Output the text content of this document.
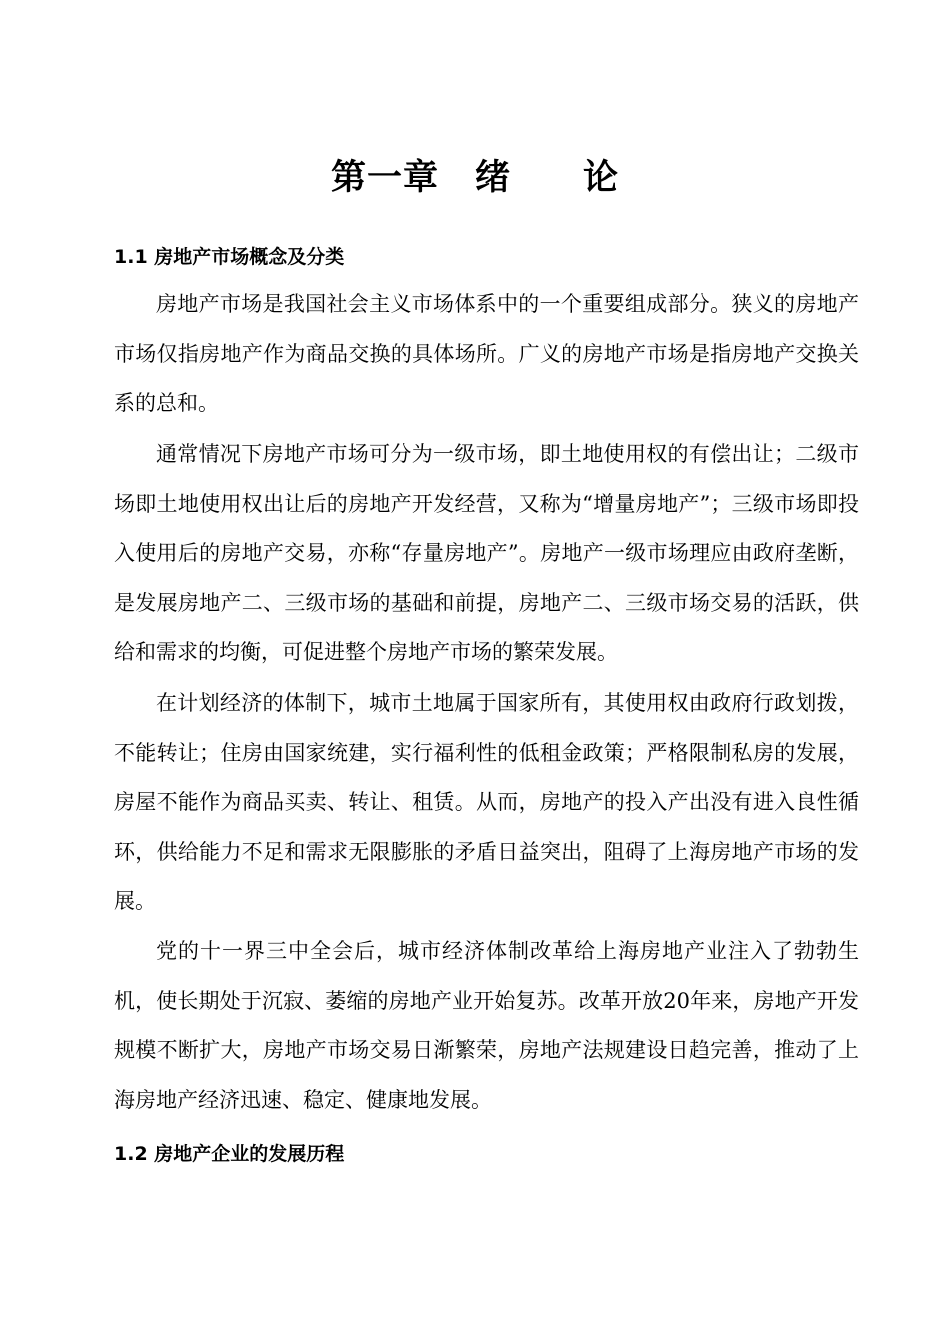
第一章　绪　　论
1.1 房地产市场概念及分类

房地产市场是我国社会主义市场体系中的一个重要组成部分。狭义的房地产市场仅指房地产作为商品交换的具体场所。广义的房地产市场是指房地产交换关系的总和。

通常情况下房地产市场可分为一级市场，即土地使用权的有偿出让；二级市场即土地使用权出让后的房地产开发经营，又称为“增量房地产”；三级市场即投入使用后的房地产交易，亦称“存量房地产”。房地产一级市场理应由政府垄断，是发展房地产二、三级市场的基础和前提，房地产二、三级市场交易的活跃，供给和需求的均衡，可促进整个房地产市场的繁荣发展。

在计划经济的体制下，城市土地属于国家所有，其使用权由政府行政划拨，不能转让；住房由国家统建，实行福利性的低租金政策；严格限制私房的发展，房屋不能作为商品买卖、转让、租赁。从而，房地产的投入产出没有进入良性循环，供给能力不足和需求无限膨胀的矛盾日益突出，阻碍了上海房地产市场的发展。

党的十一界三中全会后，城市经济体制改革给上海房地产业注入了勃勃生机，使长期处于沉寂、萎缩的房地产业开始复苏。改革开放20年来，房地产开发规模不断扩大，房地产市场交易日渐繁荣，房地产法规建设日趋完善，推动了上海房地产经济迅速、稳定、健康地发展。

1.2 房地产企业的发展历程
